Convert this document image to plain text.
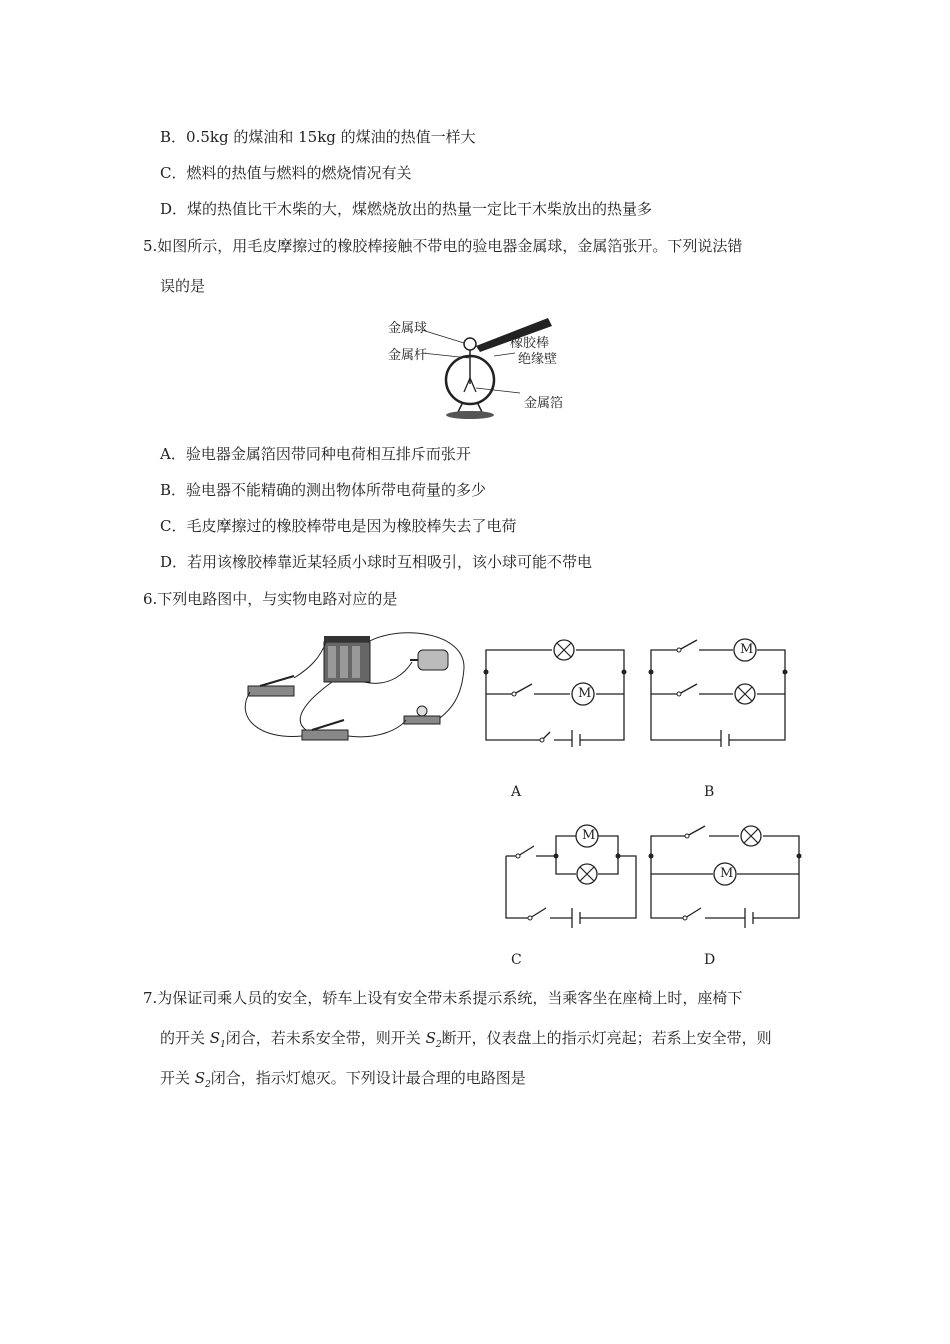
B．0.5kg 的煤油和 15kg 的煤油的热值一样大
C．燃料的热值与燃料的燃烧情况有关
D．煤的热值比干木柴的大，煤燃烧放出的热量一定比干木柴放出的热量多
5.如图所示，用毛皮摩擦过的橡胶棒接触不带电的验电器金属球，金属箔张开。下列说法错
误的是
金属球
金属杆
橡胶棒
绝缘壁
金属箔
A．验电器金属箔因带同种电荷相互排斥而张开
B．验电器不能精确的测出物体所带电荷量的多少
C．毛皮摩擦过的橡胶棒带电是因为橡胶棒失去了电荷
D．若用该橡胶棒靠近某轻质小球时互相吸引，该小球可能不带电
6.下列电路图中，与实物电路对应的是
M
A
M
B
M
C
M
D
7.为保证司乘人员的安全，轿车上设有安全带未系提示系统，当乘客坐在座椅上时，座椅下
的开关 $S_1$闭合，若未系安全带，则开关 $S_2$断开，仪表盘上的指示灯亮起；若系上安全带，则
开关 $S_2$闭合，指示灯熄灭。下列设计最合理的电路图是
